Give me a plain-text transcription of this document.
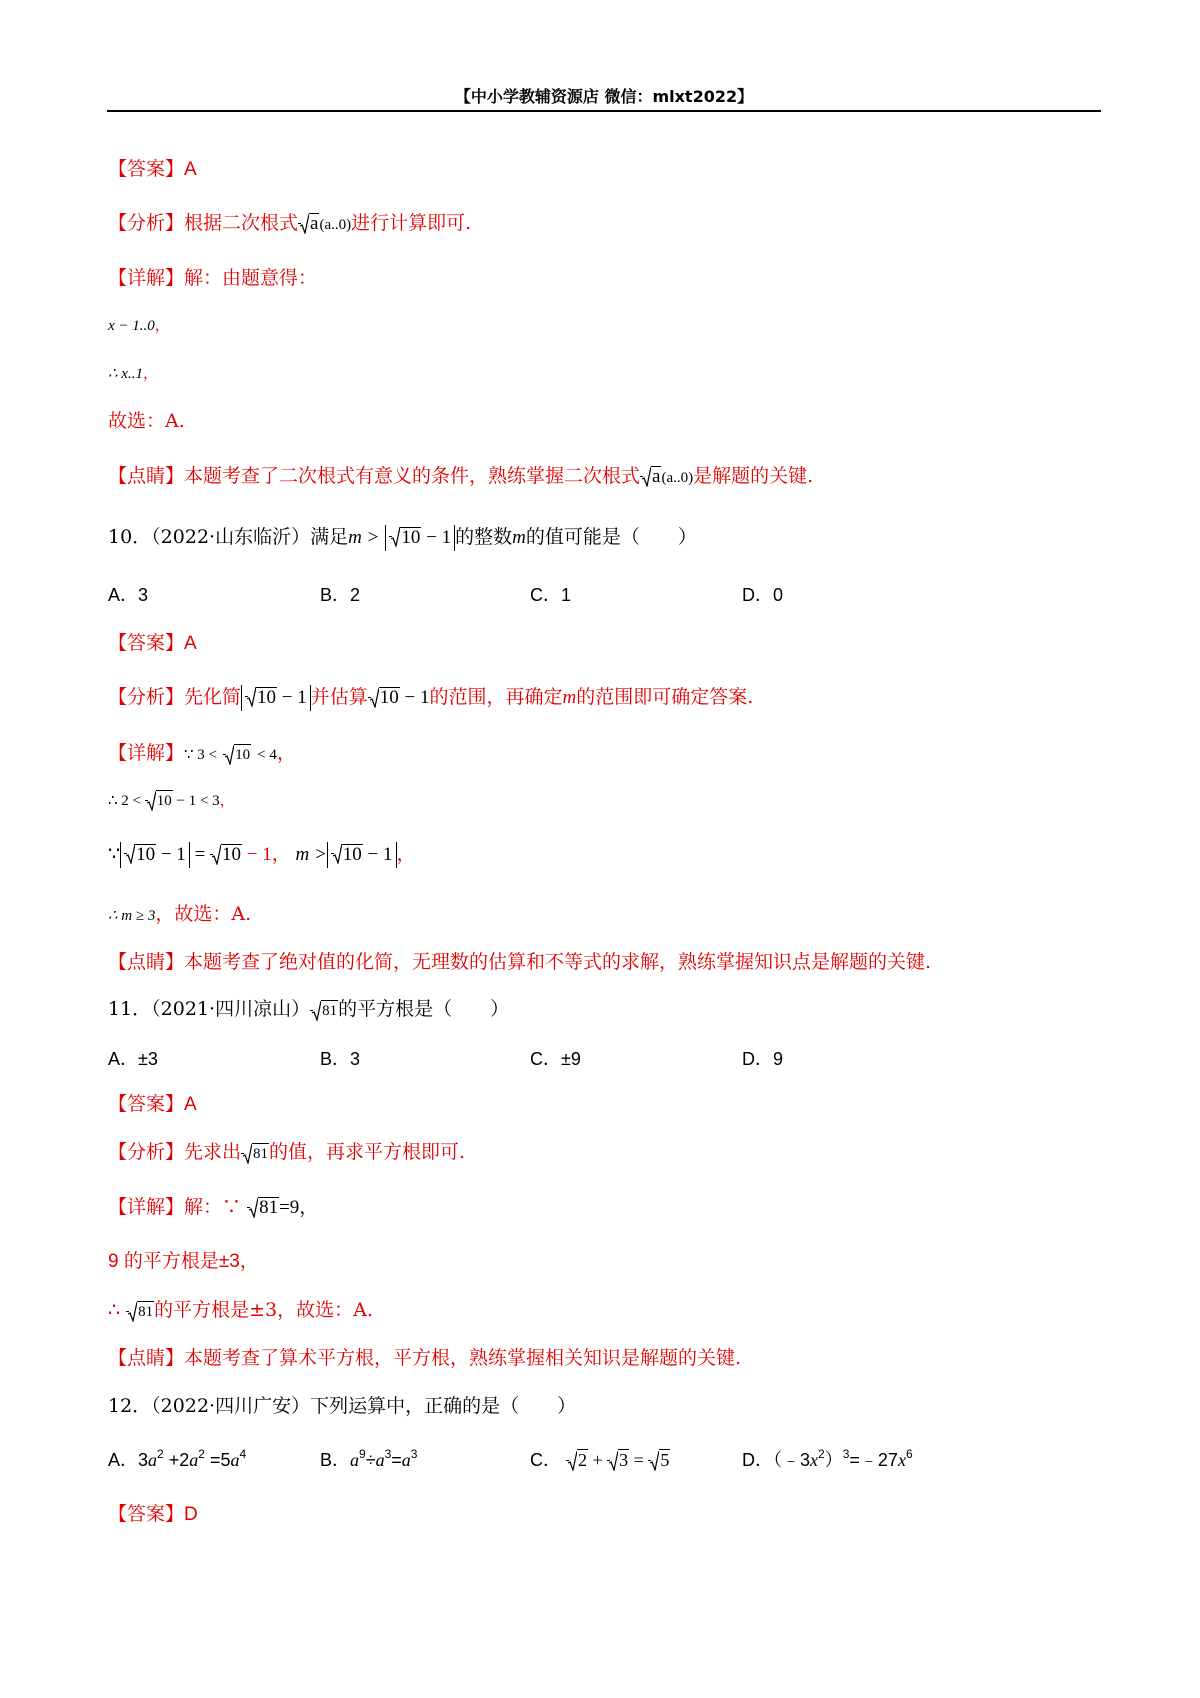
【中小学教辅资源店 微信：mlxt2022】
【答案】A
【分析】根据二次根式 a(a..0)进行计算即可.
【详解】解：由题意得：
x − 1..0，
∴ x..1，
故选：A.
【点睛】本题考查了二次根式有意义的条件，熟练掌握二次根式 a(a..0)是解题的关键.
10．（2022·山东临沂）满足m > 10 − 1 的整数m的值可能是（　　）
A．3	B．2	C．1	D．0
【答案】A
【分析】先化简 10 − 1 并估算 10 − 1的范围，再确定m的范围即可确定答案.
【详解】∵ 3 < 10 < 4，
∴ 2 < 10 − 1 < 3，
∵ 10 − 1 = 10 − 1， m > 10 − 1 ，
∴ m ≥ 3，故选：A.
【点睛】本题考查了绝对值的化简，无理数的估算和不等式的求解，熟练掌握知识点是解题的关键.
11．（2021·四川凉山） 81的平方根是（　　）
A．±3	B．3	C．±9	D．9
【答案】A
【分析】先求出 81的值，再求平方根即可.
【详解】解：∵ 81=9，
9 的平方根是±3，
∴ 81的平方根是±3，故选：A.
【点睛】本题考查了算术平方根，平方根，熟练掌握相关知识是解题的关键.
12．（2022·四川广安）下列运算中，正确的是（　　）
A．$3a^2 +2a^2 =5a^4$	B．$a^9\div a^3=a^3$	C． 2 +
3 =
5	D．$(﹣3x^2)^3=﹣27x^6$
【答案】D
